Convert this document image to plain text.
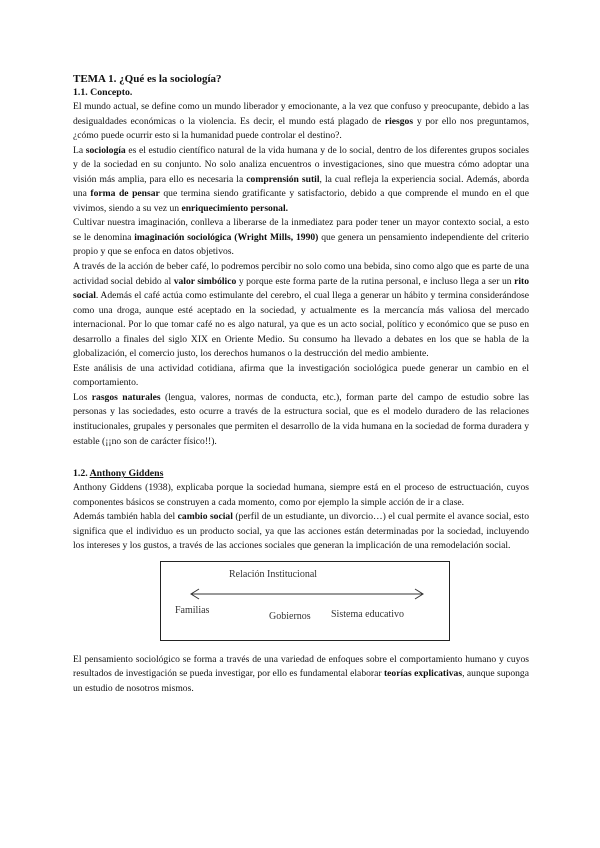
TEMA 1. ¿Qué es la sociología?

1.1. Concepto.

El mundo actual, se define como un mundo liberador y emocionante, a la vez que confuso y preocupante, debido a las desigualdades económicas o la violencia. Es decir, el mundo está plagado de riesgos y por ello nos preguntamos, ¿cómo puede ocurrir esto si la humanidad puede controlar el destino?.

La sociología es el estudio científico natural de la vida humana y de lo social, dentro de los diferentes grupos sociales y de la sociedad en su conjunto. No solo analiza encuentros o investigaciones, sino que muestra cómo adoptar una visión más amplia, para ello es necesaria la comprensión sutil, la cual refleja la experiencia social. Además, aborda una forma de pensar que termina siendo gratificante y satisfactorio, debido a que comprende el mundo en el que vivimos, siendo a su vez un enriquecimiento personal.

Cultivar nuestra imaginación, conlleva a liberarse de la inmediatez para poder tener un mayor contexto social, a esto se le denomina imaginación sociológica (Wright Mills, 1990) que genera un pensamiento independiente del criterio propio y que se enfoca en datos objetivos.

A través de la acción de beber café, lo podremos percibir no solo como una bebida, sino como algo que es parte de una actividad social debido al valor simbólico y porque este forma parte de la rutina personal, e incluso llega a ser un rito social. Además el café actúa como estimulante del cerebro, el cual llega a generar un hábito y termina considerándose como una droga, aunque esté aceptado en la sociedad, y actualmente es la mercancía más valiosa del mercado internacional. Por lo que tomar café no es algo natural, ya que es un acto social, político y económico que se puso en desarrollo a finales del siglo XIX en Oriente Medio. Su consumo ha llevado a debates en los que se habla de la globalización, el comercio justo, los derechos humanos o la destrucción del medio ambiente.

Este análisis de una actividad cotidiana, afirma que la investigación sociológica puede generar un cambio en el comportamiento.

Los rasgos naturales (lengua, valores, normas de conducta, etc.), forman parte del campo de estudio sobre las personas y las sociedades, esto ocurre a través de la estructura social, que es el modelo duradero de las relaciones institucionales, grupales y personales que permiten el desarrollo de la vida humana en la sociedad de forma duradera y estable (¡¡no son de carácter físico!!).

1.2. Anthony Giddens

Anthony Giddens (1938), explicaba porque la sociedad humana, siempre está en el proceso de estructuación, cuyos componentes básicos se construyen a cada momento, como por ejemplo la simple acción de ir a clase.

Además también habla del cambio social (perfil de un estudiante, un divorcio…) el cual permite el avance social, esto significa que el individuo es un producto social, ya que las acciones están determinadas por la sociedad, incluyendo los intereses y los gustos, a través de las acciones sociales que generan la implicación de una remodelación social.

Relación Institucional
Familias
Gobiernos Sistema educativo

El pensamiento sociológico se forma a través de una variedad de enfoques sobre el comportamiento humano y cuyos resultados de investigación se pueda investigar, por ello es fundamental elaborar teorías explicativas, aunque suponga un estudio de nosotros mismos.
